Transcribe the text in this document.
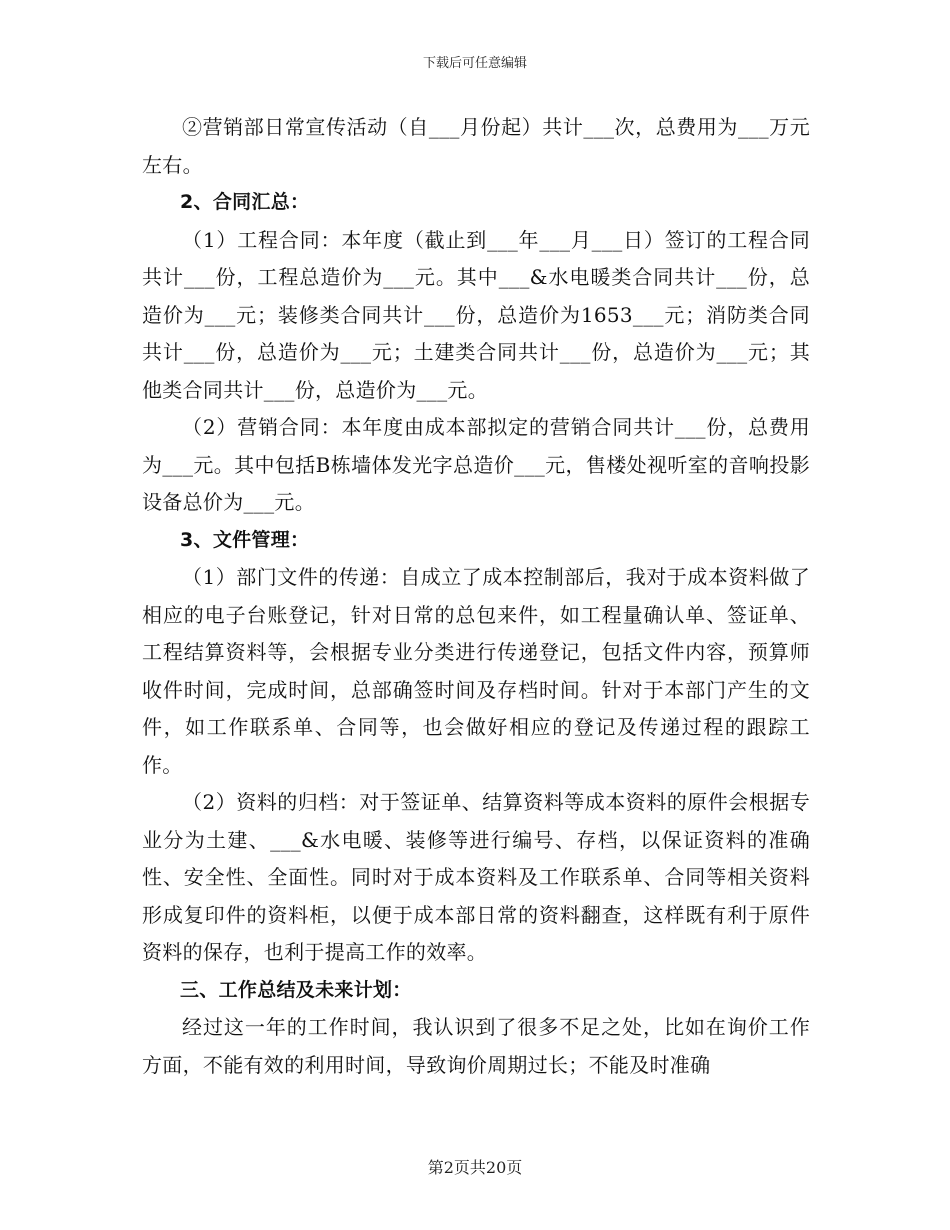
下载后可任意编辑

②营销部日常宣传活动（自___月份起）共计___次，总费用为___万元左右。

2、合同汇总：

（1）工程合同：本年度（截止到___年___月___日）签订的工程合同共计___份，工程总造价为___元。其中___&水电暖类合同共计___份，总造价为___元；装修类合同共计___份，总造价为1653___元；消防类合同共计___份，总造价为___元；土建类合同共计___份，总造价为___元；其他类合同共计___份，总造价为___元。

（2）营销合同：本年度由成本部拟定的营销合同共计___份，总费用为___元。其中包括B栋墙体发光字总造价___元，售楼处视听室的音响投影设备总价为___元。

3、文件管理：

（1）部门文件的传递：自成立了成本控制部后，我对于成本资料做了相应的电子台账登记，针对日常的总包来件，如工程量确认单、签证单、工程结算资料等，会根据专业分类进行传递登记，包括文件内容，预算师收件时间，完成时间，总部确签时间及存档时间。针对于本部门产生的文件，如工作联系单、合同等，也会做好相应的登记及传递过程的跟踪工作。

（2）资料的归档：对于签证单、结算资料等成本资料的原件会根据专业分为土建、___&水电暖、装修等进行编号、存档，以保证资料的准确性、安全性、全面性。同时对于成本资料及工作联系单、合同等相关资料形成复印件的资料柜，以便于成本部日常的资料翻查，这样既有利于原件资料的保存，也利于提高工作的效率。

三、工作总结及未来计划：

经过这一年的工作时间，我认识到了很多不足之处，比如在询价工作方面，不能有效的利用时间，导致询价周期过长；不能及时准确

第2页共20页
